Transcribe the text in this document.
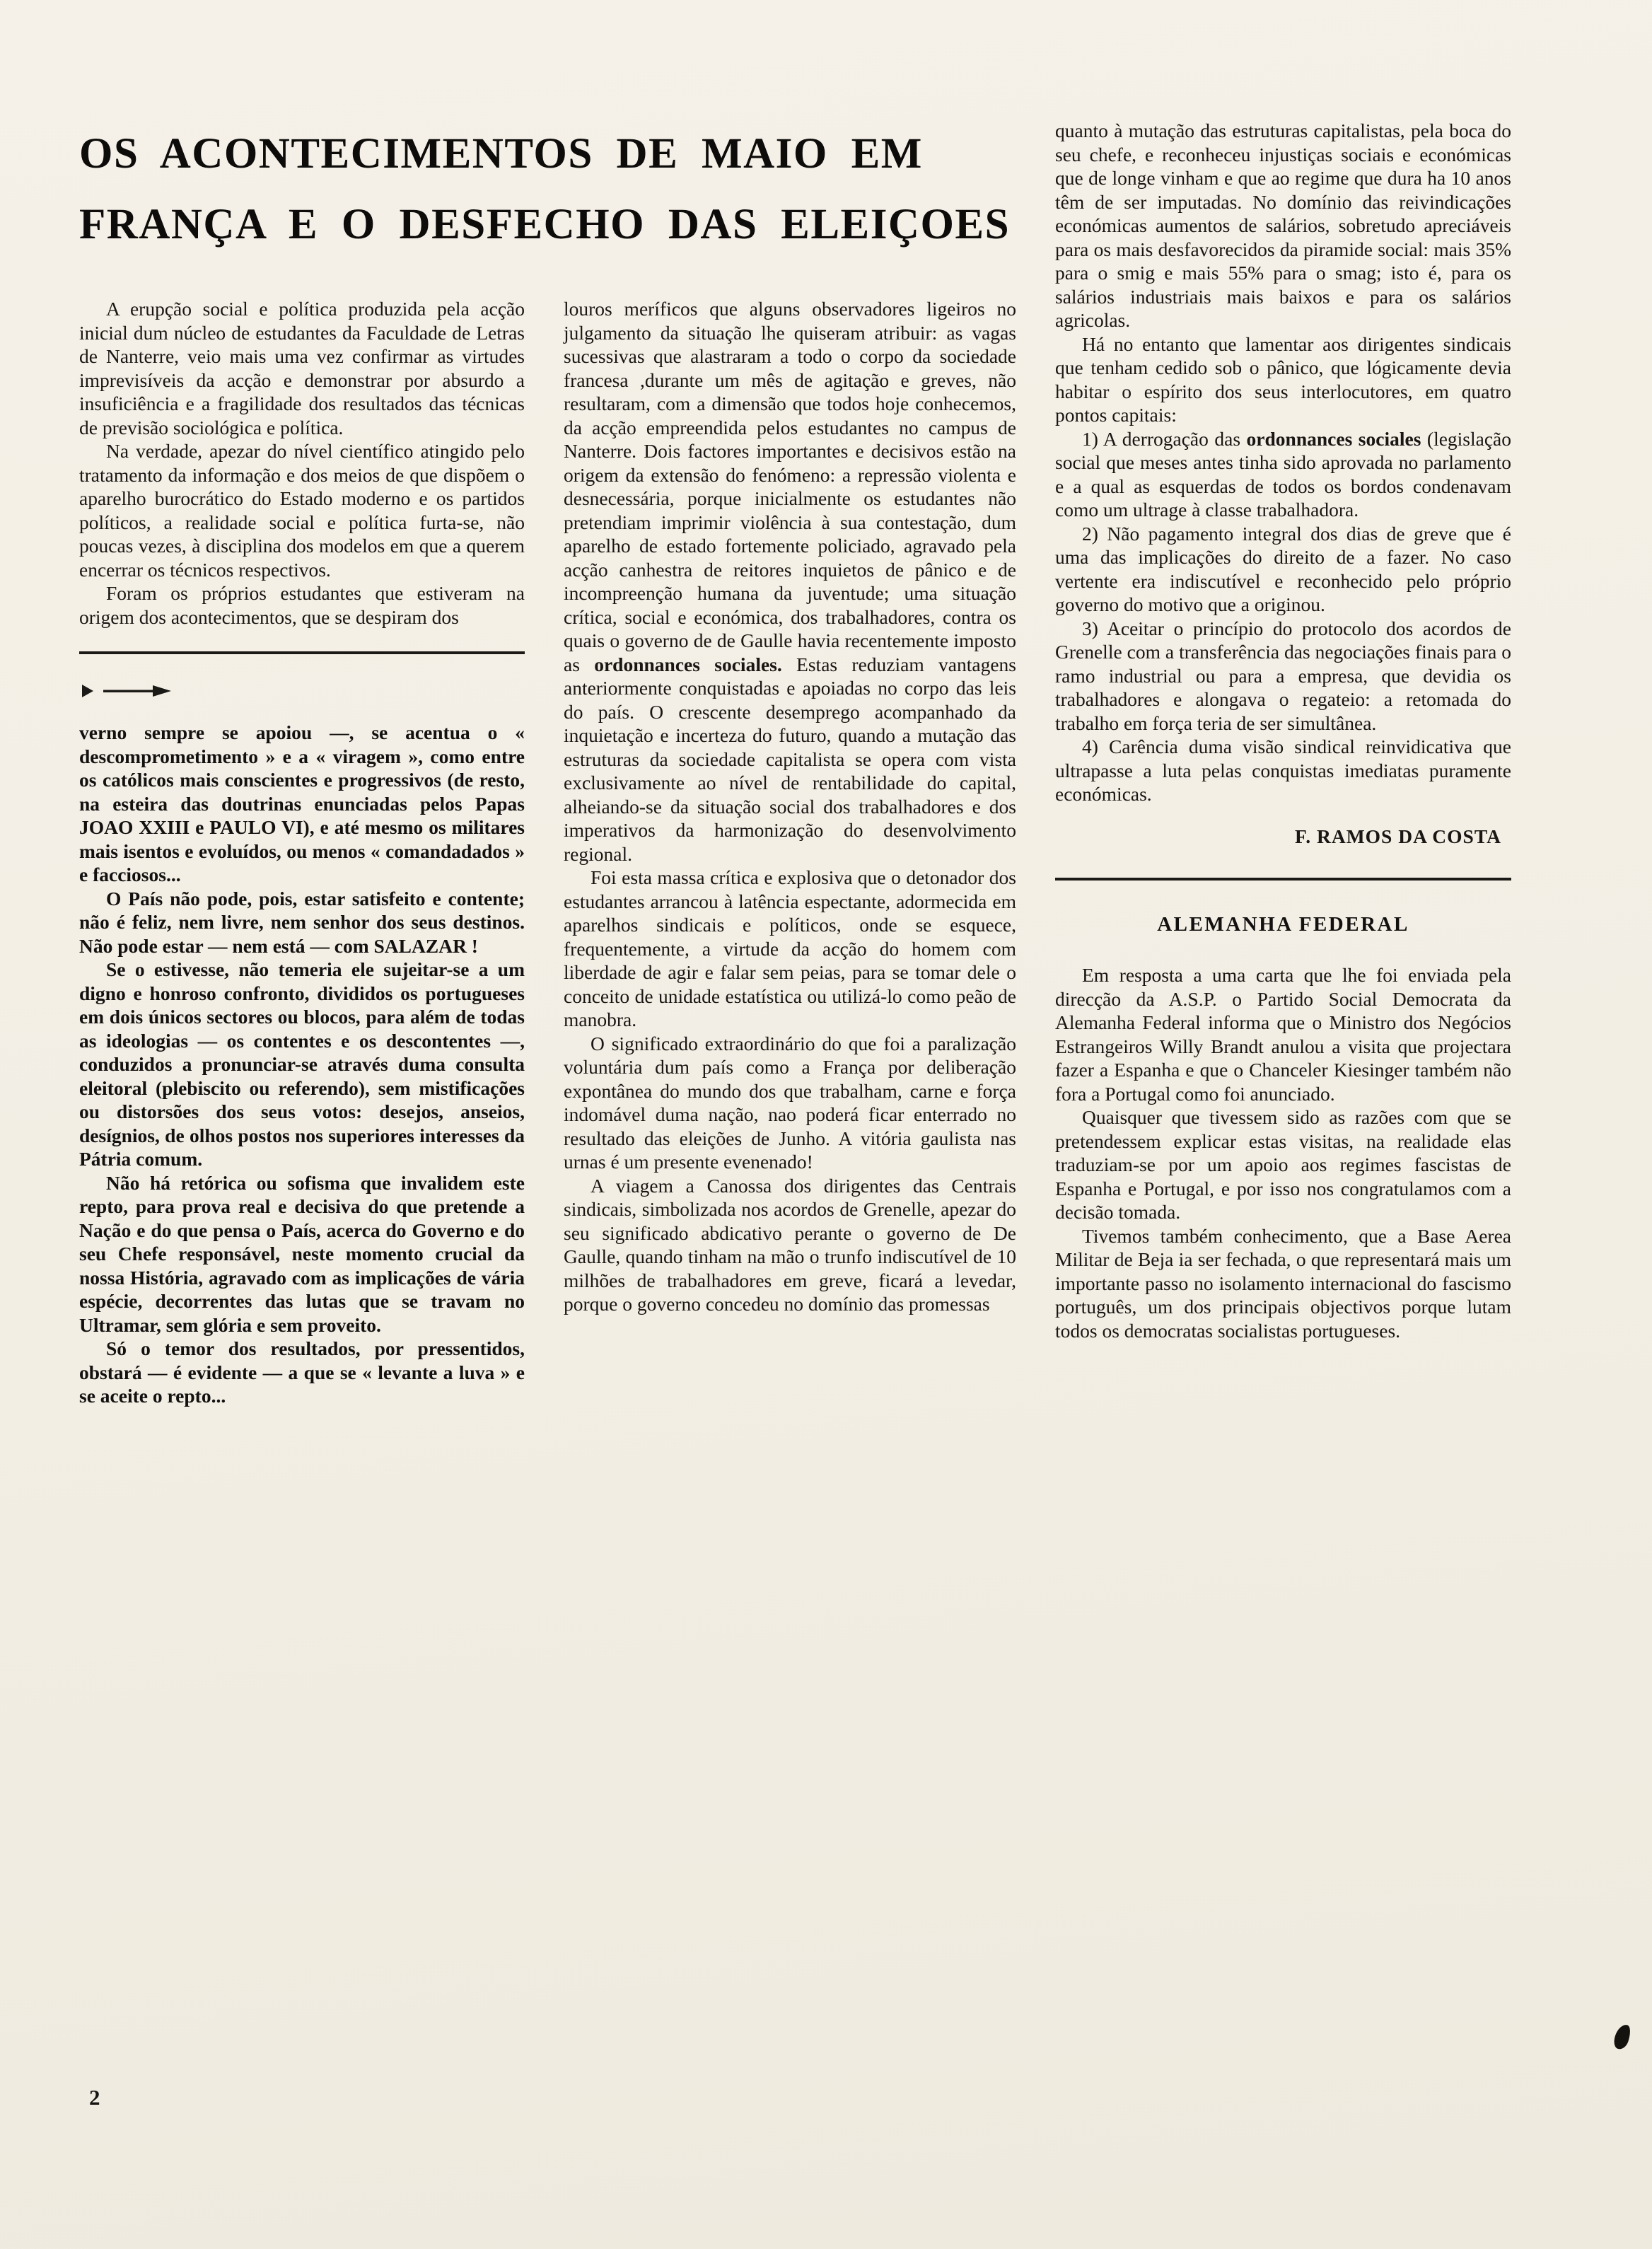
OS ACONTECIMENTOS DE MAIO EM
FRANÇA E O DESFECHO DAS ELEIÇOES

A erupção social e política produzida pela acção inicial dum núcleo de estudantes da Faculdade de Letras de Nanterre, veio mais uma vez confirmar as virtudes imprevisíveis da acção e demonstrar por absurdo a insuficiência e a fragilidade dos resultados das técnicas de previsão sociológica e política.

Na verdade, apezar do nível científico atingido pelo tratamento da informação e dos meios de que dispõem o aparelho burocrático do Estado moderno e os partidos políticos, a realidade social e política furta-se, não poucas vezes, à disciplina dos modelos em que a querem encerrar os técnicos respectivos.

Foram os próprios estudantes que estiveram na origem dos acontecimentos, que se despiram dos

verno sempre se apoiou —, se acentua o « descomprometimento » e a « viragem », como entre os católicos mais conscientes e progressivos (de resto, na esteira das doutrinas enunciadas pelos Papas JOAO XXIII e PAULO VI), e até mesmo os militares mais isentos e evoluídos, ou menos « comandadados » e facciosos...

O País não pode, pois, estar satisfeito e contente; não é feliz, nem livre, nem senhor dos seus destinos. Não pode estar — nem está — com SALAZAR !

Se o estivesse, não temeria ele sujeitar-se a um digno e honroso confronto, divididos os portugueses em dois únicos sectores ou blocos, para além de todas as ideologias — os contentes e os descontentes —, conduzidos a pronunciar-se através duma consulta eleitoral (plebiscito ou referendo), sem mistificações ou distorsões dos seus votos: desejos, anseios, desígnios, de olhos postos nos superiores interesses da Pátria comum.

Não há retórica ou sofisma que invalidem este repto, para prova real e decisiva do que pretende a Nação e do que pensa o País, acerca do Governo e do seu Chefe responsável, neste momento crucial da nossa História, agravado com as implicações de vária espécie, decorrentes das lutas que se travam no Ultramar, sem glória e sem proveito.

Só o temor dos resultados, por pressentidos, obstará — é evidente — a que se « levante a luva » e se aceite o repto...

louros meríficos que alguns observadores ligeiros no julgamento da situação lhe quiseram atribuir: as vagas sucessivas que alastraram a todo o corpo da sociedade francesa ,durante um mês de agitação e greves, não resultaram, com a dimensão que todos hoje conhecemos, da acção empreendida pelos estudantes no campus de Nanterre. Dois factores importantes e decisivos estão na origem da extensão do fenómeno: a repressão violenta e desnecessária, porque inicialmente os estudantes não pretendiam imprimir violência à sua contestação, dum aparelho de estado fortemente policiado, agravado pela acção canhestra de reitores inquietos de pânico e de incompreenção humana da juventude; uma situação crítica, social e económica, dos trabalhadores, contra os quais o governo de de Gaulle havia recentemente imposto as ordonnances sociales. Estas reduziam vantagens anteriormente conquistadas e apoiadas no corpo das leis do país. O crescente desemprego acompanhado da inquietação e incerteza do futuro, quando a mutação das estruturas da sociedade capitalista se opera com vista exclusivamente ao nível de rentabilidade do capital, alheiando-se da situação social dos trabalhadores e dos imperativos da harmonização do desenvolvimento regional.

Foi esta massa crítica e explosiva que o detonador dos estudantes arrancou à latência espectante, adormecida em aparelhos sindicais e políticos, onde se esquece, frequentemente, a virtude da acção do homem com liberdade de agir e falar sem peias, para se tomar dele o conceito de unidade estatística ou utilizá-lo como peão de manobra.

O significado extraordinário do que foi a paralização voluntária dum país como a França por deliberação expontânea do mundo dos que trabalham, carne e força indomável duma nação, nao poderá ficar enterrado no resultado das eleições de Junho. A vitória gaulista nas urnas é um presente evenenado!

A viagem a Canossa dos dirigentes das Centrais sindicais, simbolizada nos acordos de Grenelle, apezar do seu significado abdicativo perante o governo de De Gaulle, quando tinham na mão o trunfo indiscutível de 10 milhões de trabalhadores em greve, ficará a levedar, porque o governo concedeu no domínio das promessas

quanto à mutação das estruturas capitalistas, pela boca do seu chefe, e reconheceu injustiças sociais e económicas que de longe vinham e que ao regime que dura ha 10 anos têm de ser imputadas. No domínio das reivindicações económicas aumentos de salários, sobretudo apreciáveis para os mais desfavorecidos da piramide social: mais 35% para o smig e mais 55% para o smag; isto é, para os salários industriais mais baixos e para os salários agricolas.

Há no entanto que lamentar aos dirigentes sindicais que tenham cedido sob o pânico, que lógicamente devia habitar o espírito dos seus interlocutores, em quatro pontos capitais:

1) A derrogação das ordonnances sociales (legislação social que meses antes tinha sido aprovada no parlamento e a qual as esquerdas de todos os bordos condenavam como um ultrage à classe trabalhadora.

2) Não pagamento integral dos dias de greve que é uma das implicações do direito de a fazer. No caso vertente era indiscutível e reconhecido pelo próprio governo do motivo que a originou.

3) Aceitar o princípio do protocolo dos acordos de Grenelle com a transferência das negociações finais para o ramo industrial ou para a empresa, que devidia os trabalhadores e alongava o regateio: a retomada do trabalho em força teria de ser simultânea.

4) Carência duma visão sindical reinvidicativa que ultrapasse a luta pelas conquistas imediatas puramente económicas.

F. RAMOS DA COSTA

ALEMANHA FEDERAL

Em resposta a uma carta que lhe foi enviada pela direcção da A.S.P. o Partido Social Democrata da Alemanha Federal informa que o Ministro dos Negócios Estrangeiros Willy Brandt anulou a visita que projectara fazer a Espanha e que o Chanceler Kiesinger também não fora a Portugal como foi anunciado.

Quaisquer que tivessem sido as razões com que se pretendessem explicar estas visitas, na realidade elas traduziam-se por um apoio aos regimes fascistas de Espanha e Portugal, e por isso nos congratulamos com a decisão tomada.

Tivemos também conhecimento, que a Base Aerea Militar de Beja ia ser fechada, o que representará mais um importante passo no isolamento internacional do fascismo português, um dos principais objectivos porque lutam todos os democratas socialistas portugueses.

2
